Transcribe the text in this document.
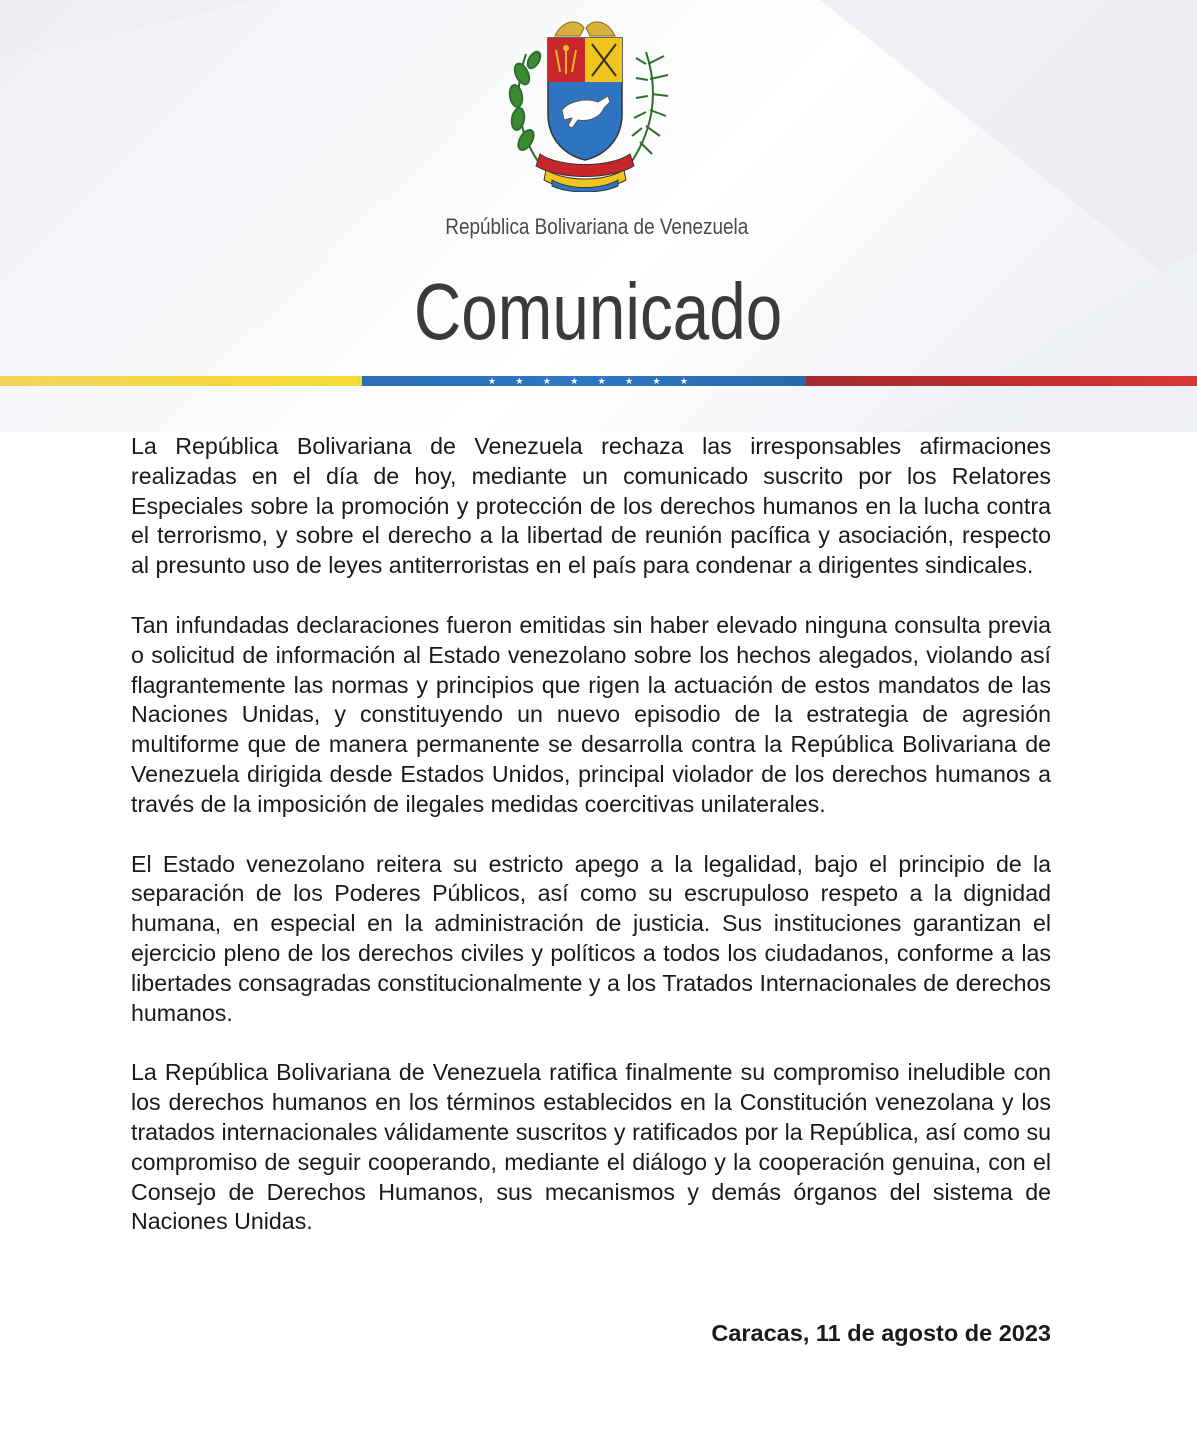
República Bolivariana de Venezuela
Comunicado
★ ★ ★ ★ ★ ★ ★ ★

La República Bolivariana de Venezuela rechaza las irresponsables afirmaciones realizadas en el día de hoy, mediante un comunicado suscrito por los Relatores Especiales sobre la promoción y protección de los derechos humanos en la lucha contra el terrorismo, y sobre el derecho a la libertad de reunión pacífica y asociación, respecto al presunto uso de leyes antiterroristas en el país para condenar a dirigentes sindicales.

Tan infundadas declaraciones fueron emitidas sin haber elevado ninguna consulta previa o solicitud de información al Estado venezolano sobre los hechos alegados, violando así flagrantemente las normas y principios que rigen la actuación de estos mandatos de las Naciones Unidas, y constituyendo un nuevo episodio de la estrategia de agresión multiforme que de manera permanente se desarrolla contra la República Bolivariana de Venezuela dirigida desde Estados Unidos, principal violador de los derechos humanos a través de la imposición de ilegales medidas coercitivas unilaterales.

El Estado venezolano reitera su estricto apego a la legalidad, bajo el principio de la separación de los Poderes Públicos, así como su escrupuloso respeto a la dignidad humana, en especial en la administración de justicia. Sus instituciones garantizan el ejercicio pleno de los derechos civiles y políticos a todos los ciudadanos, conforme a las libertades consagradas constitucionalmente y a los Tratados Internacionales de derechos humanos.

La República Bolivariana de Venezuela ratifica finalmente su compromiso ineludible con los derechos humanos en los términos establecidos en la Constitución venezolana y los tratados internacionales válidamente suscritos y ratificados por la República, así como su compromiso de seguir cooperando, mediante el diálogo y la cooperación genuina, con el Consejo de Derechos Humanos, sus mecanismos y demás órganos del sistema de Naciones Unidas.

Caracas, 11 de agosto de 2023
